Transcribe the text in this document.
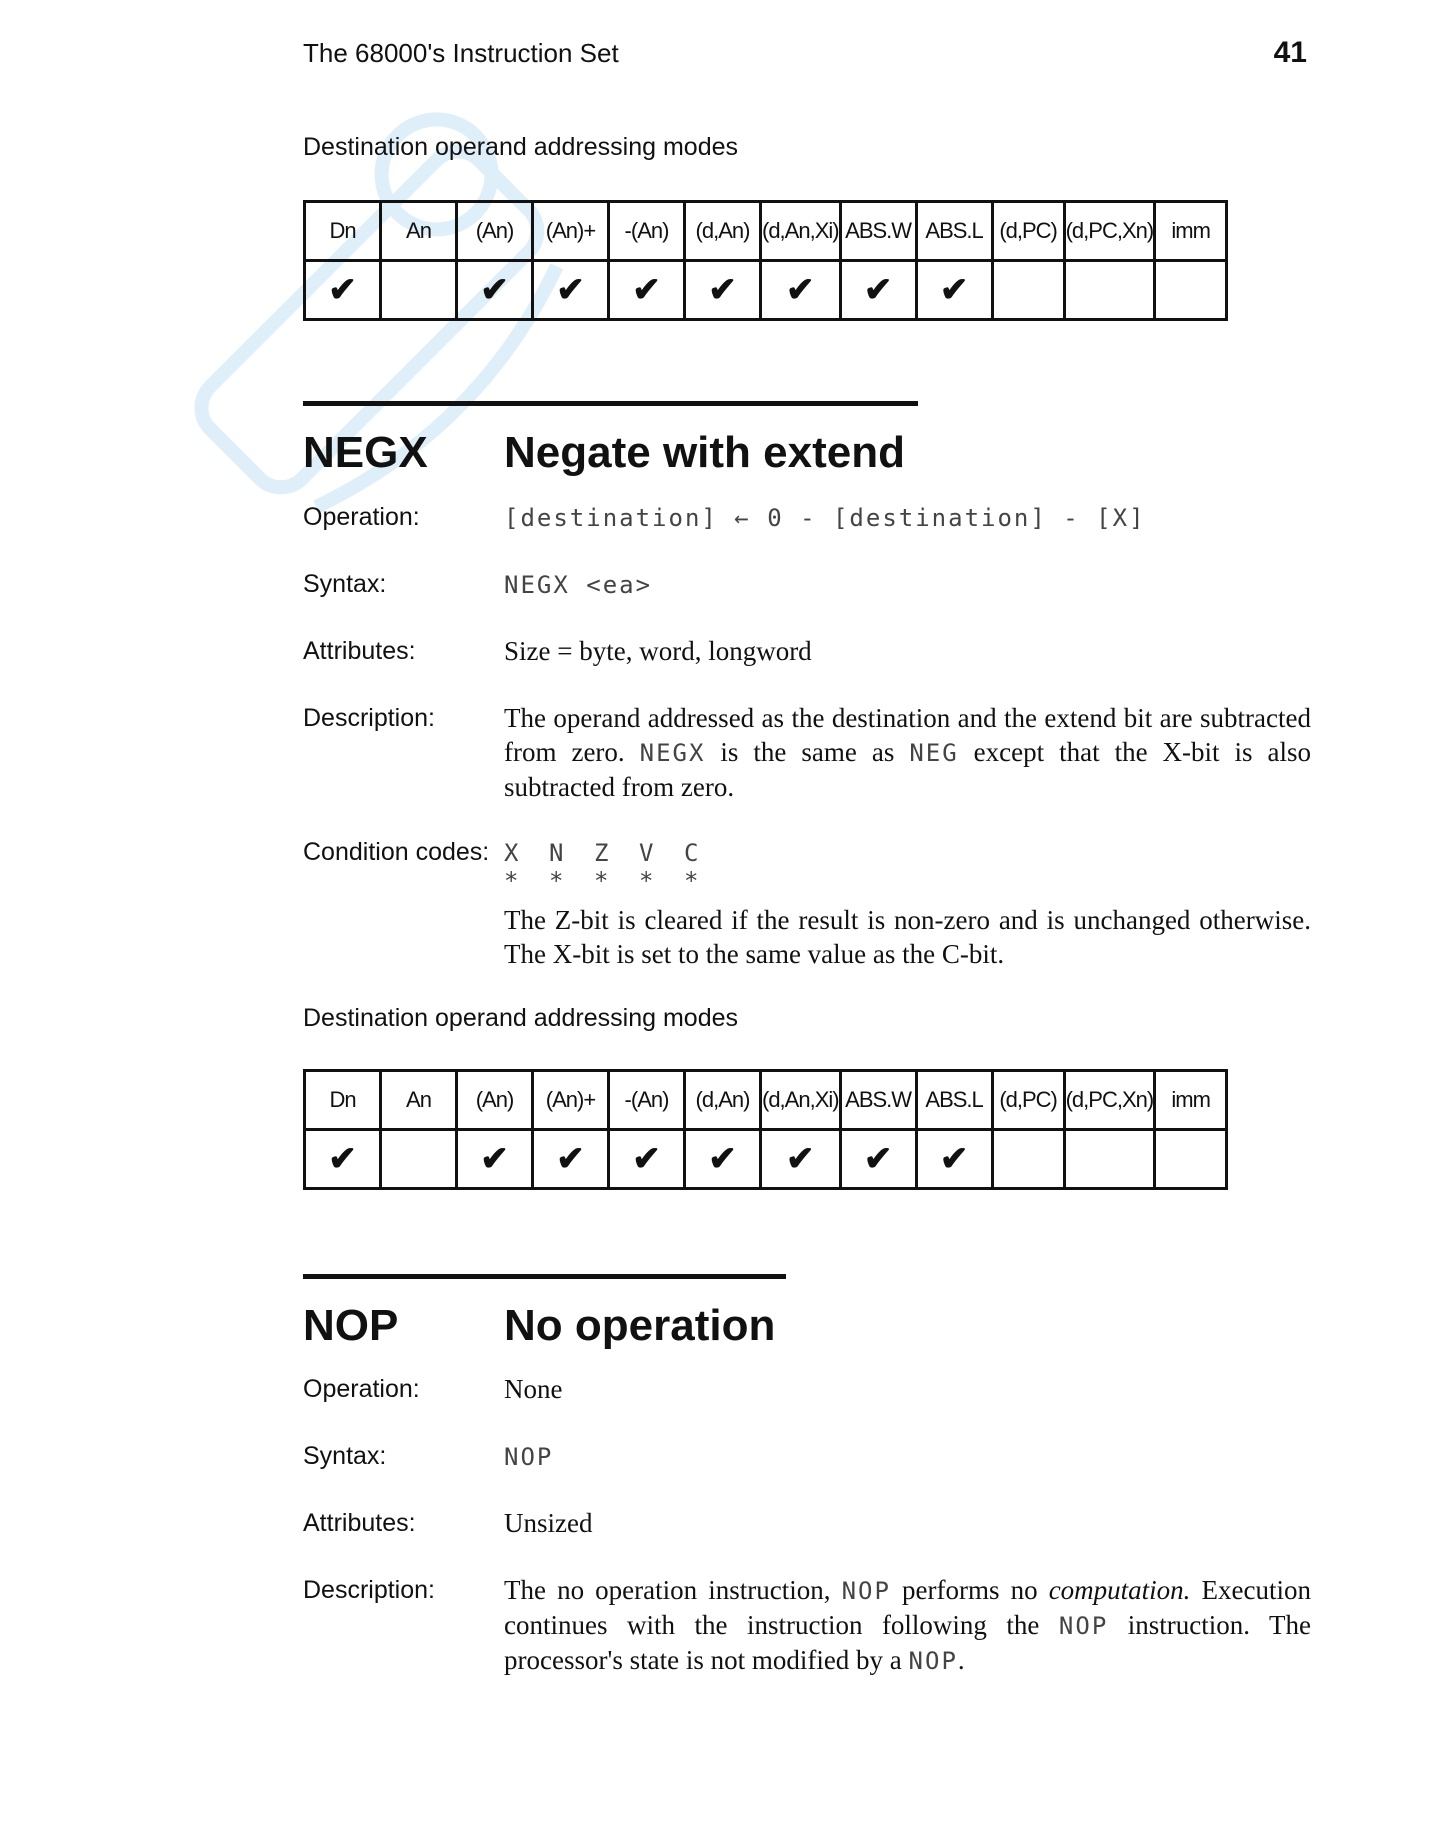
The 68000's Instruction Set	41
Destination operand addressing modes
Dn	An	(An)	(An)+	-(An)	(d,An)	(d,An,Xi)	ABS.W	ABS.L	(d,PC)	(d,PC,Xn)	imm
✔		✔	✔	✔	✔	✔	✔	✔			
NEGX Negate with extend
Operation:	[destination] ← 0 - [destination] - [X]
Syntax:	NEGX <ea>
Attributes:	Size = byte, word, longword
Description:	The operand addressed as the destination and the extend bit are subtracted from zero. NEGX is the same as NEG except that the X-bit is also subtracted from zero.
Condition codes: X	N	Z	V	C
*	*	*	*	*
The Z-bit is cleared if the result is non-zero and is unchanged otherwise. The X-bit is set to the same value as the C-bit.
Destination operand addressing modes
Dn	An	(An)	(An)+	-(An)	(d,An)	(d,An,Xi)	ABS.W	ABS.L	(d,PC)	(d,PC,Xn)	imm
✔		✔	✔	✔	✔	✔	✔	✔			
NOP No operation
Operation:	None
Syntax:	NOP
Attributes:	Unsized
Description:	The no operation instruction, NOP performs no computation. Execution continues with the instruction following the NOP instruction. The processor's state is not modified by a NOP.
